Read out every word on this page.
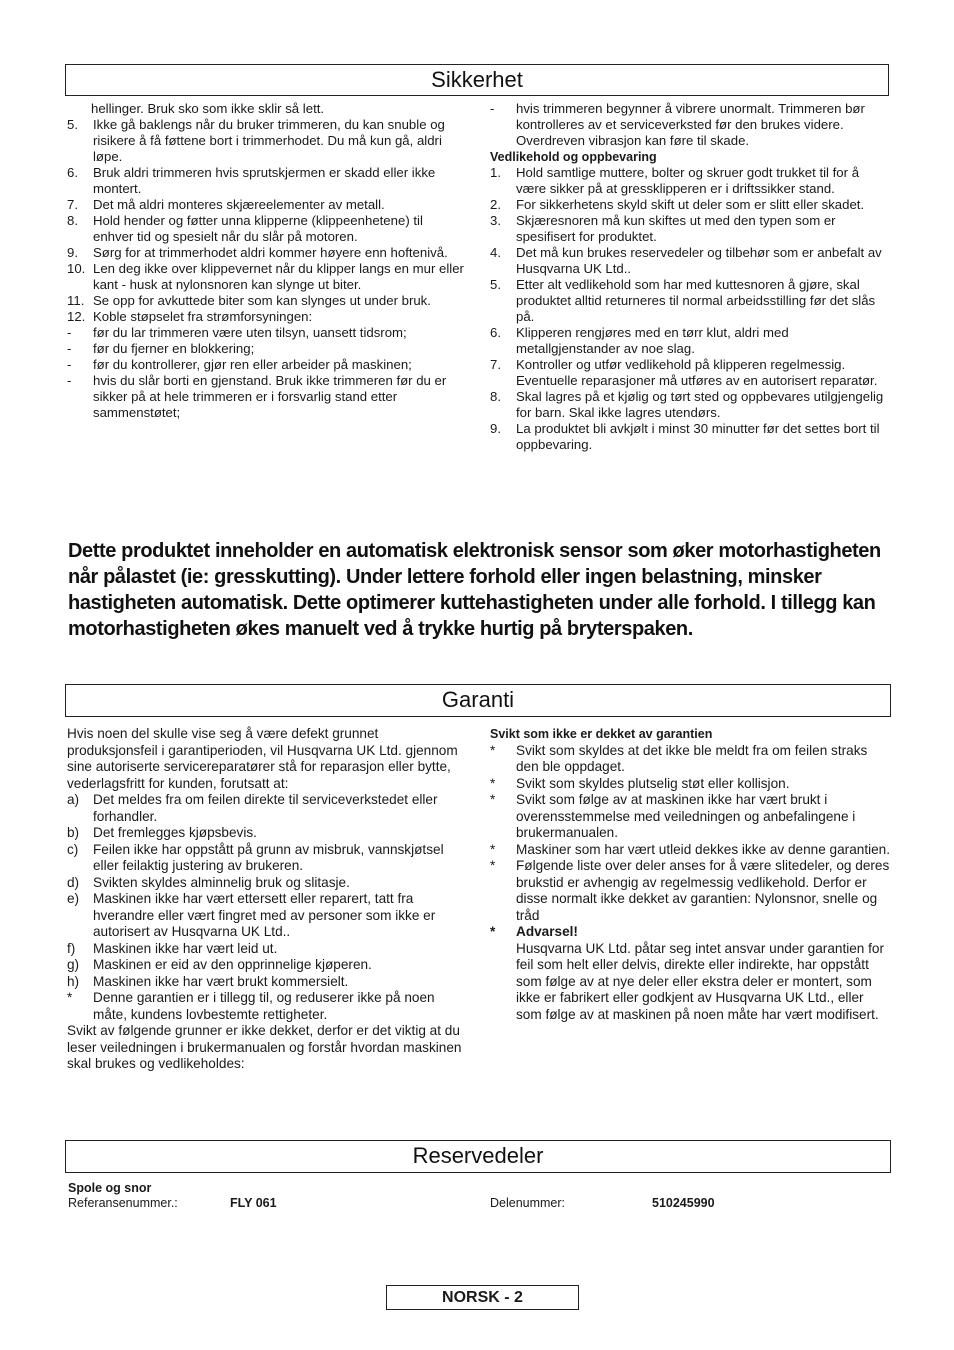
Sikkerhet
hellinger. Bruk sko som ikke sklir så lett.
5.	Ikke gå baklengs når du bruker trimmeren, du kan snuble og risikere å få føttene bort i trimmerhodet. Du må kun gå, aldri løpe.
6.	Bruk aldri trimmeren hvis sprutskjermen er skadd eller ikke montert.
7.	Det må aldri monteres skjæreelementer av metall.
8.	Hold hender og føtter unna klipperne (klippeenhetene) til enhver tid og spesielt når du slår på motoren.
9.	Sørg for at trimmerhodet aldri kommer høyere enn hoftenivå.
10. Len deg ikke over klippevernet når du klipper langs en mur eller kant - husk at nylonsnoren kan slynge ut biter.
11. Se opp for avkuttede biter som kan slynges ut under bruk.
12. Koble støpselet fra strømforsyningen:
-	før du lar trimmeren være uten tilsyn, uansett tidsrom;
-	før du fjerner en blokkering;
-	før du kontrollerer, gjør ren eller arbeider på maskinen;
-	hvis du slår borti en gjenstand. Bruk ikke trimmeren før du er sikker på at hele trimmeren er i forsvarlig stand etter sammenstøtet;
-	hvis trimmeren begynner å vibrere unormalt. Trimmeren bør kontrolleres av et serviceverksted før den brukes videre. Overdreven vibrasjon kan føre til skade.
Vedlikehold og oppbevaring
1.	Hold samtlige muttere, bolter og skruer godt trukket til for å være sikker på at gressklipperen er i driftssikker stand.
2.	For sikkerhetens skyld skift ut deler som er slitt eller skadet.
3.	Skjæresnoren må kun skiftes ut med den typen som er spesifisert for produktet.
4.	Det må kun brukes reservedeler og tilbehør som er anbefalt av Husqvarna UK Ltd..
5.	Etter alt vedlikehold som har med kuttesnoren å gjøre, skal produktet alltid returneres til normal arbeidsstilling før det slås på.
6.	Klipperen rengjøres med en tørr klut, aldri med metallgjenstander av noe slag.
7.	Kontroller og utfør vedlikehold på klipperen regelmessig. Eventuelle reparasjoner må utføres av en autorisert reparatør.
8.	Skal lagres på et kjølig og tørt sted og oppbevares utilgjengelig for barn. Skal ikke lagres utendørs.
9.	La produktet bli avkjølt i minst 30 minutter før det settes bort til oppbevaring.
Dette produktet inneholder en automatisk elektronisk sensor som øker motorhastigheten når pålastet (ie: gresskutting). Under lettere forhold eller ingen belastning, minsker hastigheten automatisk. Dette optimerer kuttehastigheten under alle forhold. I tillegg kan motorhastigheten økes manuelt ved å trykke hurtig på bryterspaken.
Garanti
Hvis noen del skulle vise seg å være defekt grunnet produksjonsfeil i garantiperioden, vil Husqvarna UK Ltd. gjennom sine autoriserte servicereparatører stå for reparasjon eller bytte, vederlagsfritt for kunden, forutsatt at:
a)	Det meldes fra om feilen direkte til serviceverkstedet eller forhandler.
b)	Det fremlegges kjøpsbevis.
c)	Feilen ikke har oppstått på grunn av misbruk, vannskjøtsel eller feilaktig justering av brukeren.
d)	Svikten skyldes alminnelig bruk og slitasje.
e)	Maskinen ikke har vært ettersett eller reparert, tatt fra hverandre eller vært fingret med av personer som ikke er autorisert av Husqvarna UK Ltd..
f)	Maskinen ikke har vært leid ut.
g)	Maskinen er eid av den opprinnelige kjøperen.
h)	Maskinen ikke har vært brukt kommersielt.
*	Denne garantien er i tillegg til, og reduserer ikke på noen måte, kundens lovbestemte rettigheter.
Svikt av følgende grunner er ikke dekket, derfor er det viktig at du leser veiledningen i brukermanualen og forstår hvordan maskinen skal brukes og vedlikeholdes:
Svikt som ikke er dekket av garantien
*	Svikt som skyldes at det ikke ble meldt fra om feilen straks den ble oppdaget.
*	Svikt som skyldes plutselig støt eller kollisjon.
*	Svikt som følge av at maskinen ikke har vært brukt i overensstemmelse med veiledningen og anbefalingene i brukermanualen.
*	Maskiner som har vært utleid dekkes ikke av denne garantien.
*	Følgende liste over deler anses for å være slitedeler, og deres brukstid er avhengig av regelmessig vedlikehold. Derfor er disse normalt ikke dekket av garantien: Nylonsnor, snelle og tråd
*	Advarsel!
Husqvarna UK Ltd. påtar seg intet ansvar under garantien for feil som helt eller delvis, direkte eller indirekte, har oppstått som følge av at nye deler eller ekstra deler er montert, som ikke er fabrikert eller godkjent av Husqvarna UK Ltd., eller som følge av at maskinen på noen måte har vært modifisert.
Reservedeler
Spole og snor
Referansenummer.:	FLY 061	Delenummer:	510245990
NORSK - 2
